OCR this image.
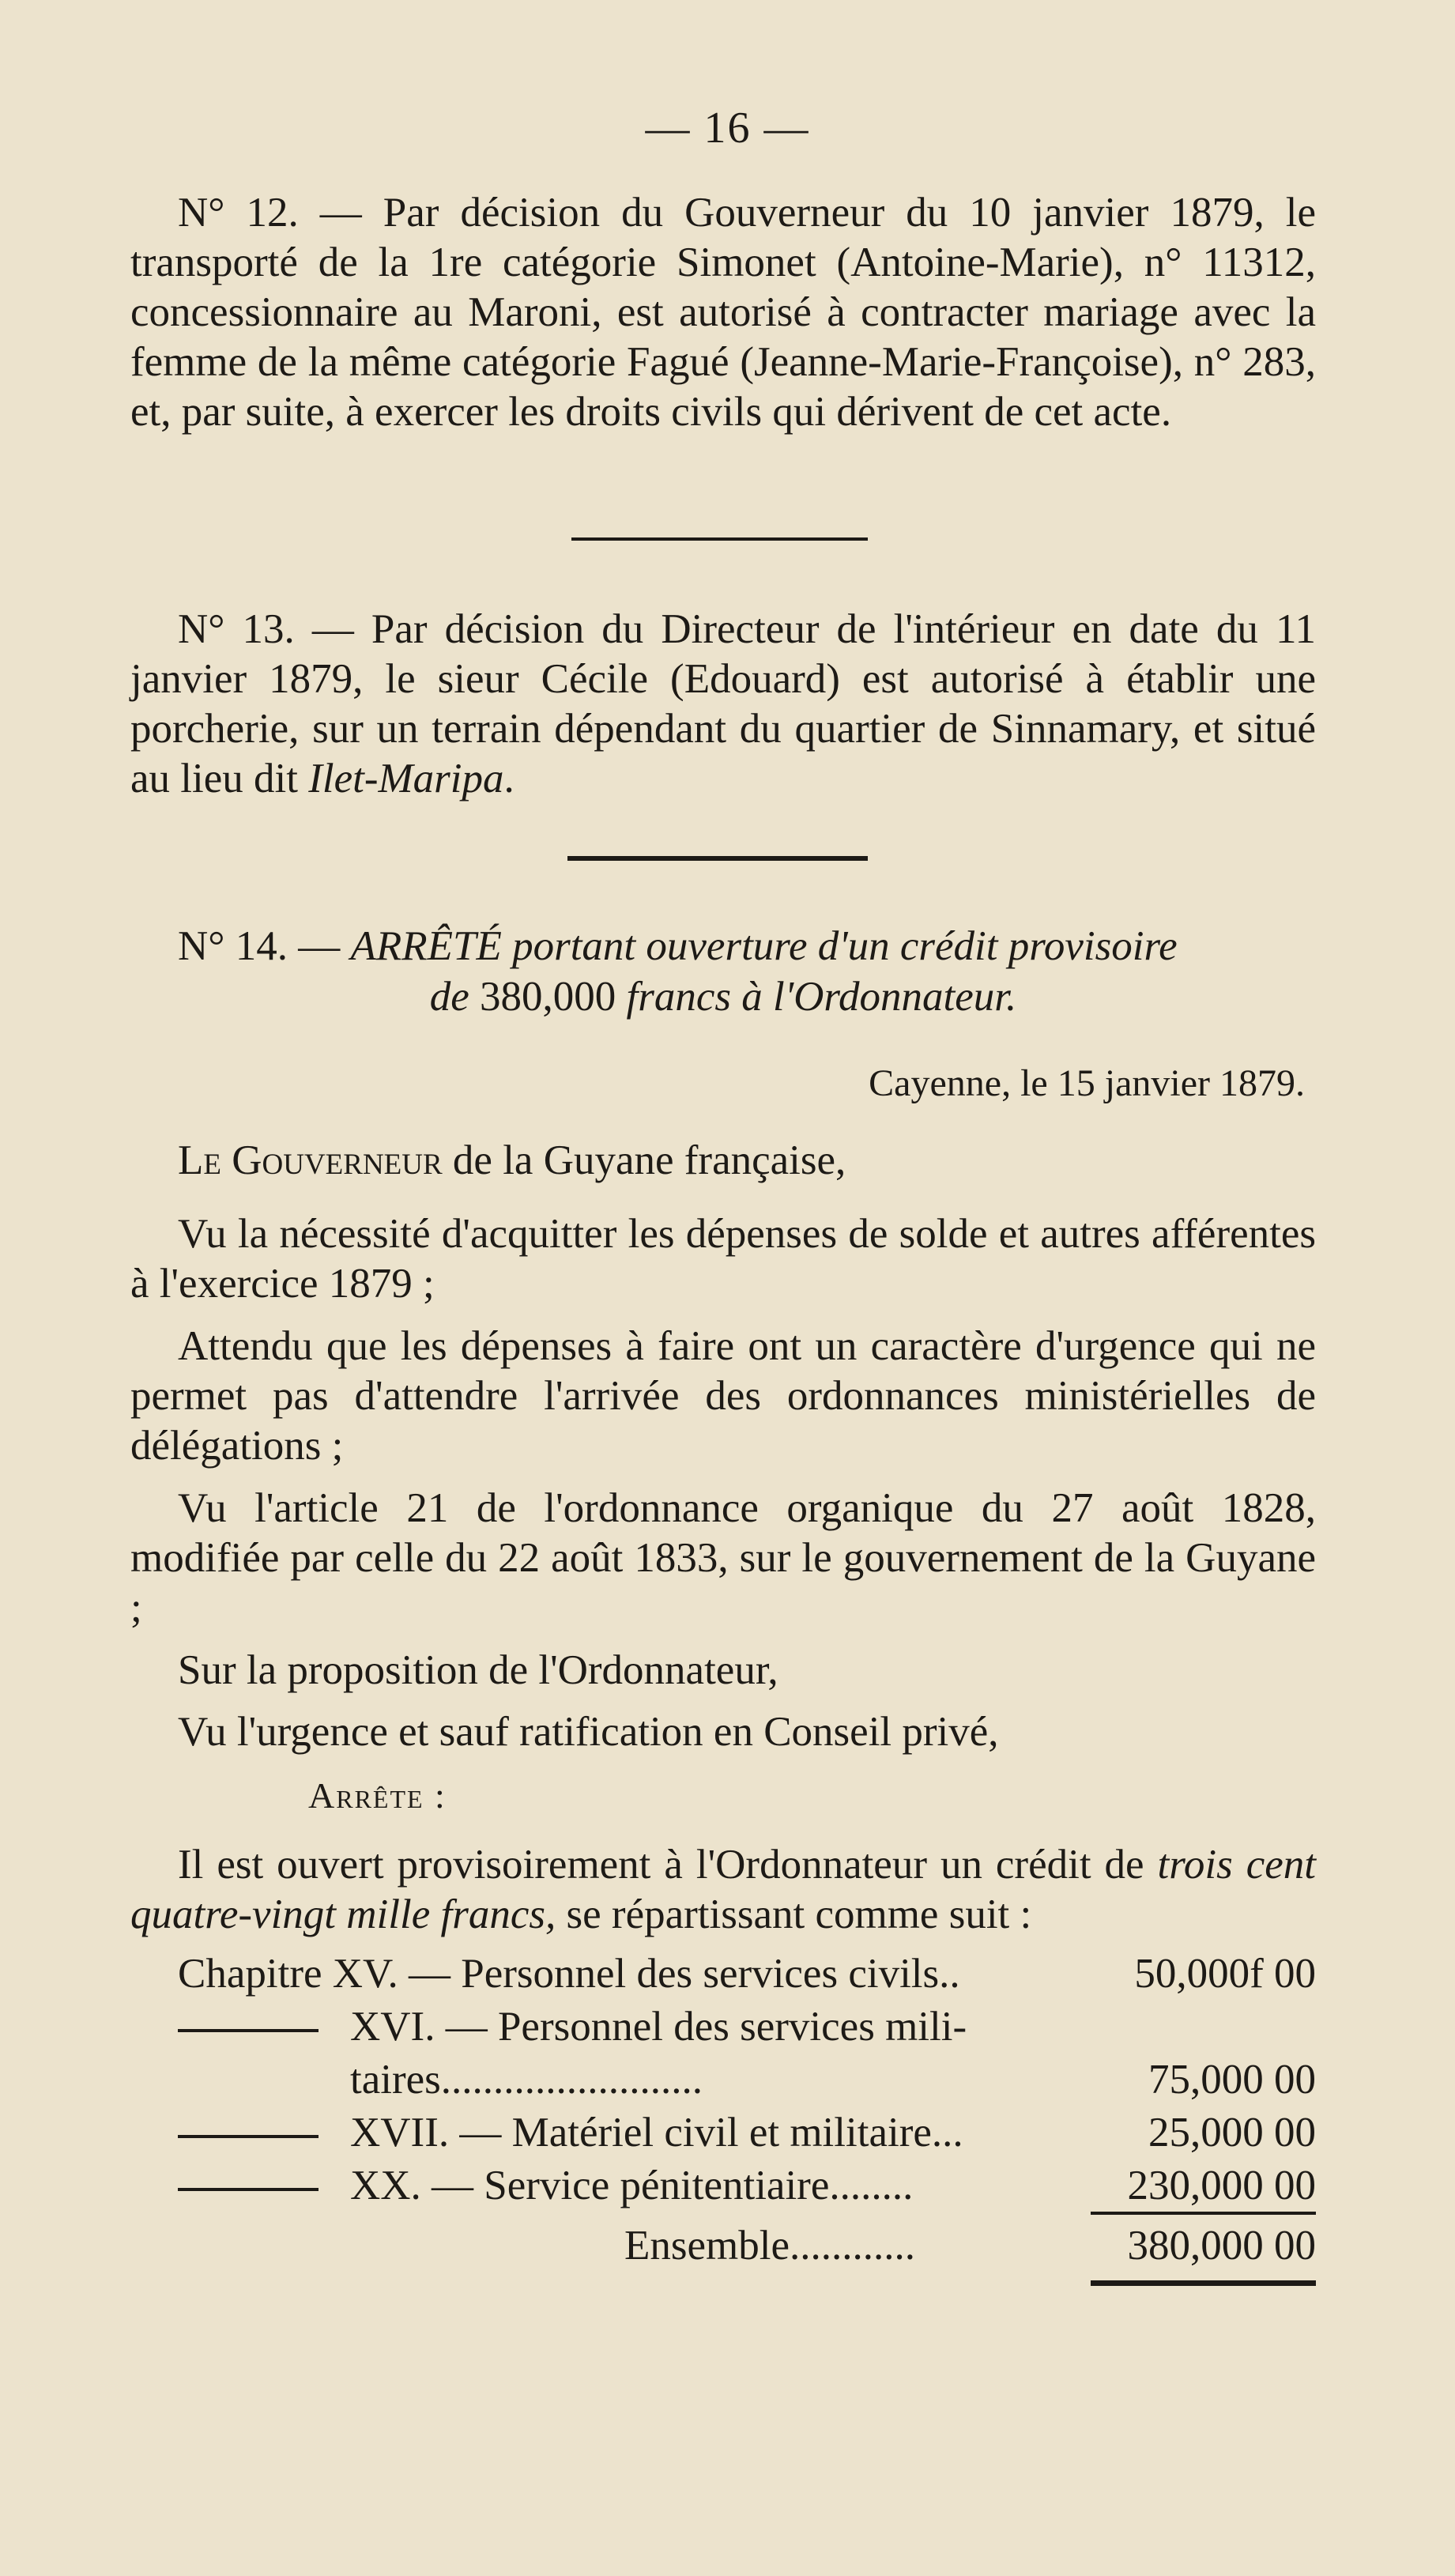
— 16 —

N° 12. — Par décision du Gouverneur du 10 janvier 1879, le transporté de la 1re catégorie Simonet (Antoine-Marie), n° 11312, concessionnaire au Maroni, est autorisé à contracter mariage avec la femme de la même catégorie Fagué (Jeanne-Marie-Françoise), n° 283, et, par suite, à exercer les droits civils qui dérivent de cet acte.

N° 13. — Par décision du Directeur de l'intérieur en date du 11 janvier 1879, le sieur Cécile (Edouard) est autorisé à établir une porcherie, sur un terrain dépendant du quartier de Sinnamary, et situé au lieu dit Ilet-Maripa.

N° 14. — ARRÊTÉ portant ouverture d'un crédit provisoire
de 380,000 francs à l'Ordonnateur.

Cayenne, le 15 janvier 1879.
Le Gouverneur de la Guyane française,

Vu la nécessité d'acquitter les dépenses de solde et autres afférentes à l'exercice 1879 ;

Attendu que les dépenses à faire ont un caractère d'urgence qui ne permet pas d'attendre l'arrivée des ordonnances ministérielles de délégations ;

Vu l'article 21 de l'ordonnance organique du 27 août 1828, modifiée par celle du 22 août 1833, sur le gouvernement de la Guyane ;

Sur la proposition de l'Ordonnateur,

Vu l'urgence et sauf ratification en Conseil privé,

Arrête :

Il est ouvert provisoirement à l'Ordonnateur un crédit de trois cent quatre-vingt mille francs, se répartissant comme suit :

Chapitre XV. — Personnel des services civils..	50,000f 00
XVI. — Personnel des services mili-
taires.........................	75,000 00
XVII. — Matériel civil et militaire...	25,000 00
XX. — Service pénitentiaire........	230,000 00
Ensemble............	380,000 00
